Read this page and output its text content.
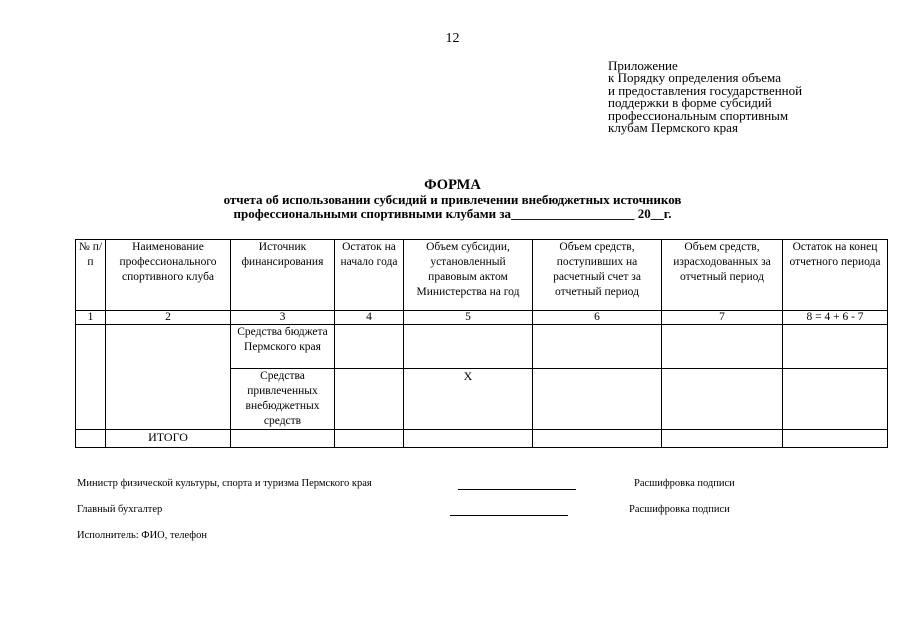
12
Приложение
к Порядку определения объема
и предоставления государственной
поддержки в форме субсидий
профессиональным спортивным
клубам Пермского края
ФОРМА
отчета об использовании субсидий и привлечении внебюджетных источников
профессиональными спортивными клубами за___________________ 20__г.
№ п/п	Наименование профессионального спортивного клуба	Источник финансирования	Остаток на начало года	Объем субсидии, установленный правовым актом Министерства на год	Объем средств, поступивших на расчетный счет за отчетный период	Объем средств, израсходованных за отчетный период	Остаток на конец отчетного периода
1	2	3	4	5	6	7	8 = 4 + 6 - 7
		Средства бюджета Пермского края					
		Средства привлеченных внебюджетных средств		X			
	ИТОГО						
Министр физической культуры, спорта и туризма Пермского края	Расшифровка подписи
Главный бухгалтер	Расшифровка подписи
Исполнитель: ФИО, телефон
